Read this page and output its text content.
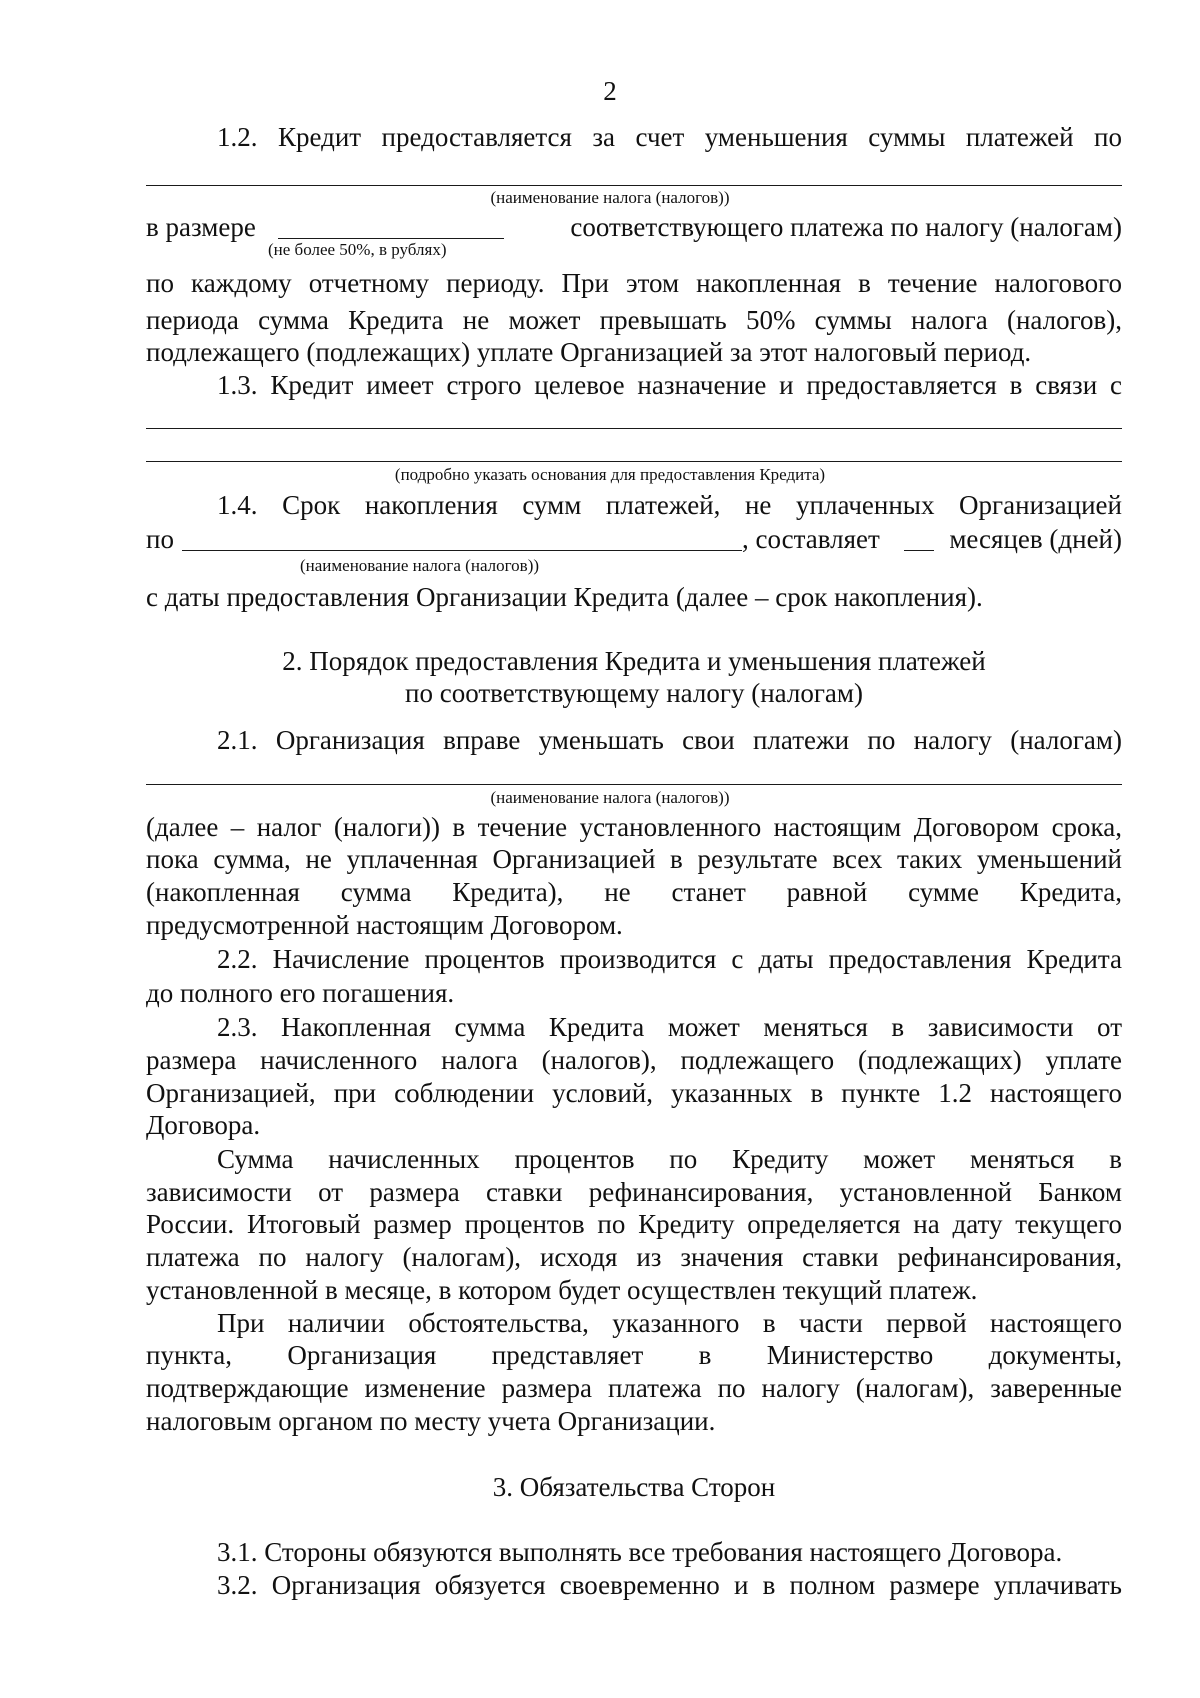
2
1.2. Кредит предоставляется за счет уменьшения суммы платежей по
(наименование налога (налогов))
в размере	соответствующего платежа по налогу (налогам)
(не более 50%, в рублях)
по каждому отчетному периоду. При этом накопленная в течение налогового
периода сумма Кредита не может превышать 50% суммы налога (налогов),
подлежащего (подлежащих) уплате Организацией за этот налоговый период.
1.3. Кредит имеет строго целевое назначение и предоставляется в связи с
(подробно указать основания для предоставления Кредита)
1.4. Срок накопления сумм платежей, не уплаченных Организацией
по	, составляет	месяцев (дней)
(наименование налога (налогов))
с даты предоставления Организации Кредита (далее – срок накопления).
2. Порядок предоставления Кредита и уменьшения платежей
по соответствующему налогу (налогам)
2.1. Организация вправе уменьшать свои платежи по налогу (налогам)
(наименование налога (налогов))
(далее – налог (налоги)) в течение установленного настоящим Договором срока,
пока сумма, не уплаченная Организацией в результате всех таких уменьшений
(накопленная сумма Кредита), не станет равной сумме Кредита,
предусмотренной настоящим Договором.
2.2. Начисление процентов производится с даты предоставления Кредита
до полного его погашения.
2.3. Накопленная сумма Кредита может меняться в зависимости от
размера начисленного налога (налогов), подлежащего (подлежащих) уплате
Организацией, при соблюдении условий, указанных в пункте 1.2 настоящего
Договора.
Сумма начисленных процентов по Кредиту может меняться в
зависимости от размера ставки рефинансирования, установленной Банком
России. Итоговый размер процентов по Кредиту определяется на дату текущего
платежа по налогу (налогам), исходя из значения ставки рефинансирования,
установленной в месяце, в котором будет осуществлен текущий платеж.
При наличии обстоятельства, указанного в части первой настоящего
пункта, Организация представляет в Министерство документы,
подтверждающие изменение размера платежа по налогу (налогам), заверенные
налоговым органом по месту учета Организации.
3. Обязательства Сторон
3.1. Стороны обязуются выполнять все требования настоящего Договора.
3.2. Организация обязуется своевременно и в полном размере уплачивать
